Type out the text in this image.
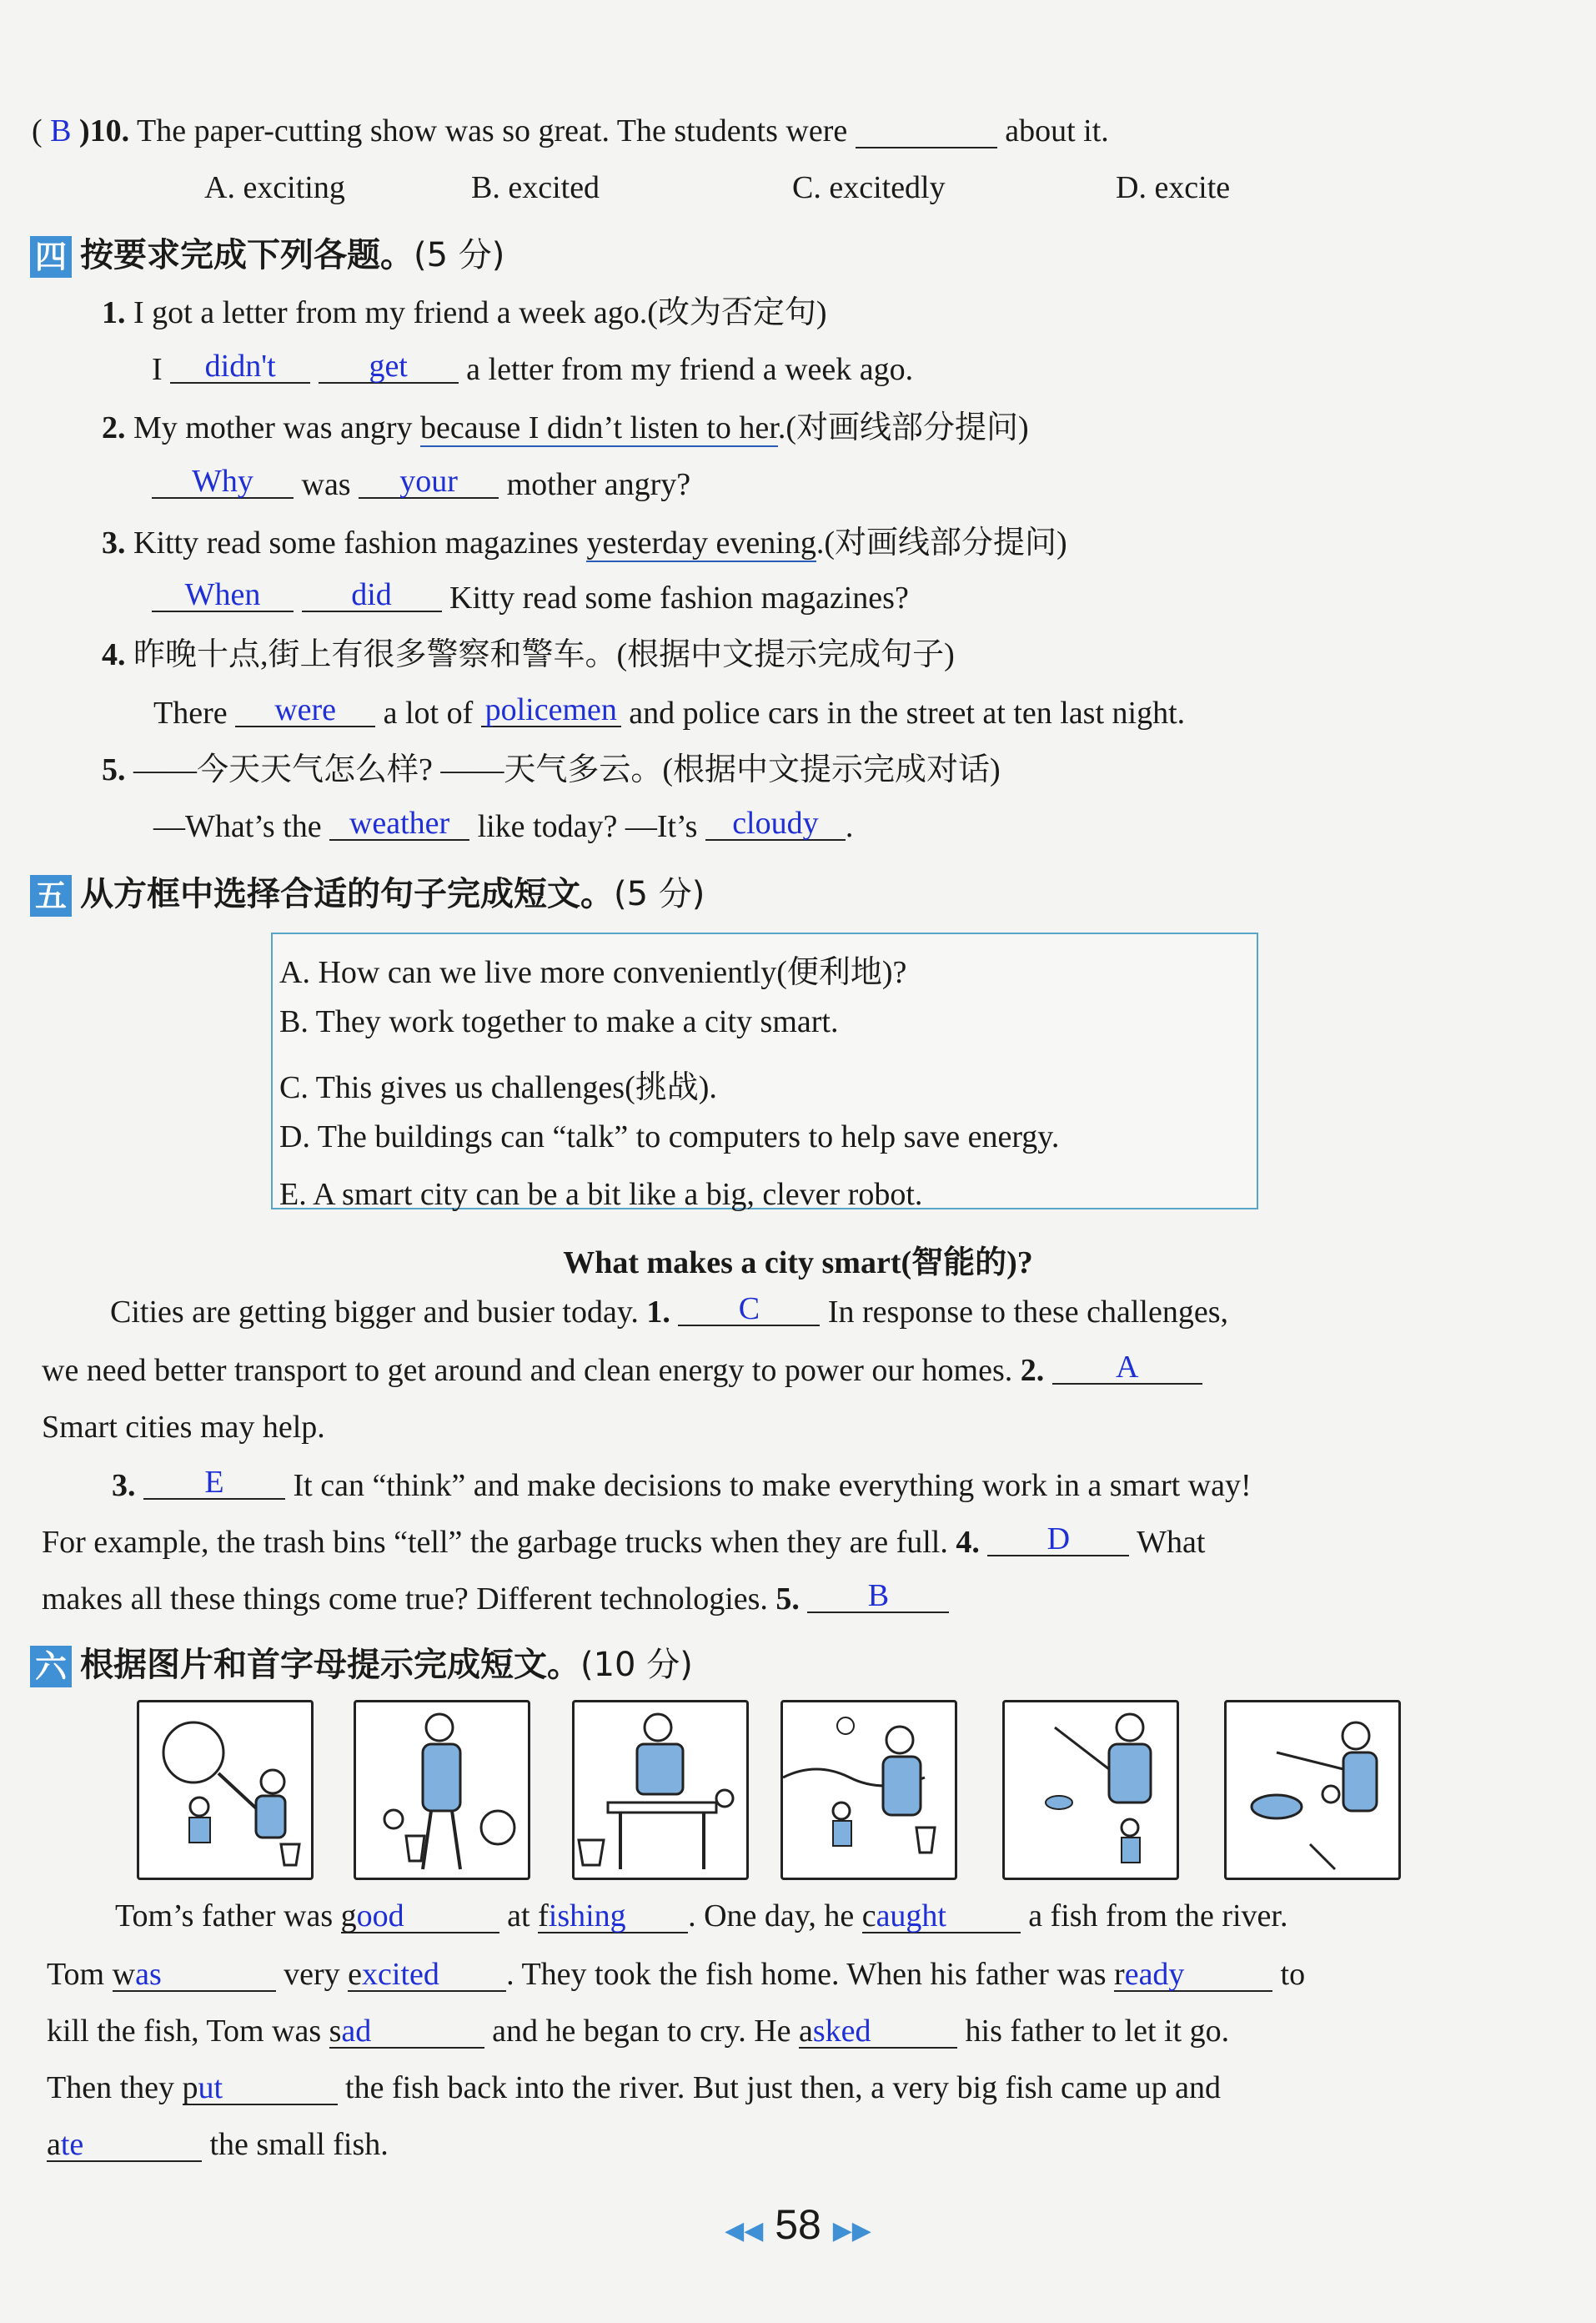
( B )10. The paper-cutting show was so great. The students were	about it.
A. exciting	B. excited	C. excitedly	D. excite
四 按要求完成下列各题。(5 分)
1. I got a letter from my friend a week ago.(改为否定句)
I didn't	get a letter from my friend a week ago.
2. My mother was angry because I didn’t listen to her.(对画线部分提问)
Why was your mother angry?
3. Kitty read some fashion magazines yesterday evening.(对画线部分提问)
When	did Kitty read some fashion magazines?
4. 昨晚十点,街上有很多警察和警车。(根据中文提示完成句子)
There were a lot of policemen and police cars in the street at ten last night.
5. ——今天天气怎么样? ——天气多云。(根据中文提示完成对话)
—What’s the weather like today? —It’s cloudy .
五 从方框中选择合适的句子完成短文。(5 分)
A. How can we live more conveniently(便利地)?
B. They work together to make a city smart.
C. This gives us challenges(挑战).
D. The buildings can “talk” to computers to help save energy.
E. A smart city can be a bit like a big, clever robot.
What makes a city smart(智能的)?
Cities are getting bigger and busier today. 1. C In response to these challenges,
we need better transport to get around and clean energy to power our homes. 2. A
Smart cities may help.
3. E It can “think” and make decisions to make everything work in a smart way!
For example, the trash bins “tell” the garbage trucks when they are full. 4. D What
makes all these things come true? Different technologies. 5. B
六 根据图片和首字母提示完成短文。(10 分)
Tom’s father was good	at fishing . One day, he caught	a fish from the river.
Tom was	very excited . They took the fish home. When his father was ready	to
kill the fish, Tom was sad	and he began to cry. He asked	his father to let it go.
Then they put	the fish back into the river. But just then, a very big fish came up and
ate	the small fish.
◀◀ 58 ▶▶
